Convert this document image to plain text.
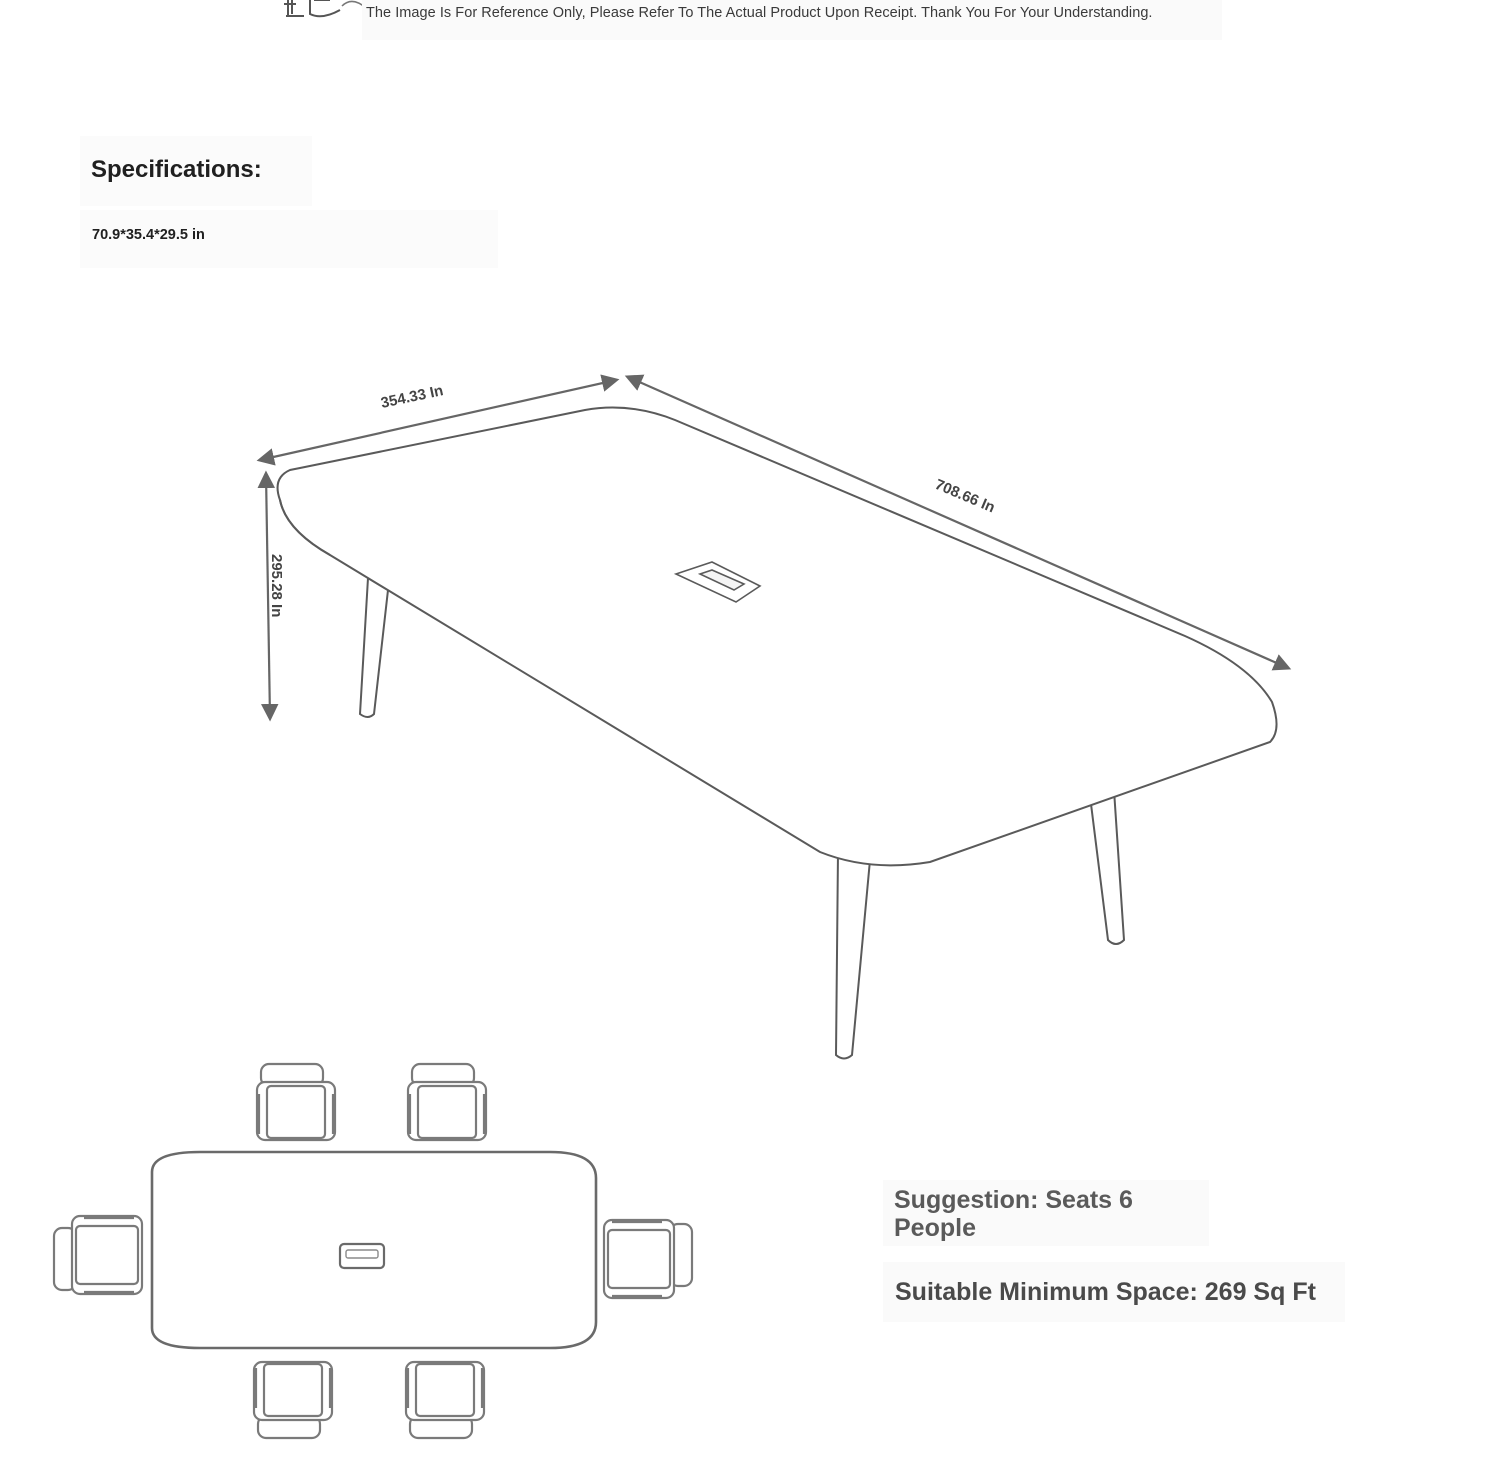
The Image Is For Reference Only, Please Refer To The Actual Product Upon Receipt. Thank You For Your Understanding.
Specifications:
70.9*35.4*29.5 in
354.33 In
708.66 In
295.28 In
Suggestion: Seats 6 People
Suitable Minimum Space: 269 Sq Ft
